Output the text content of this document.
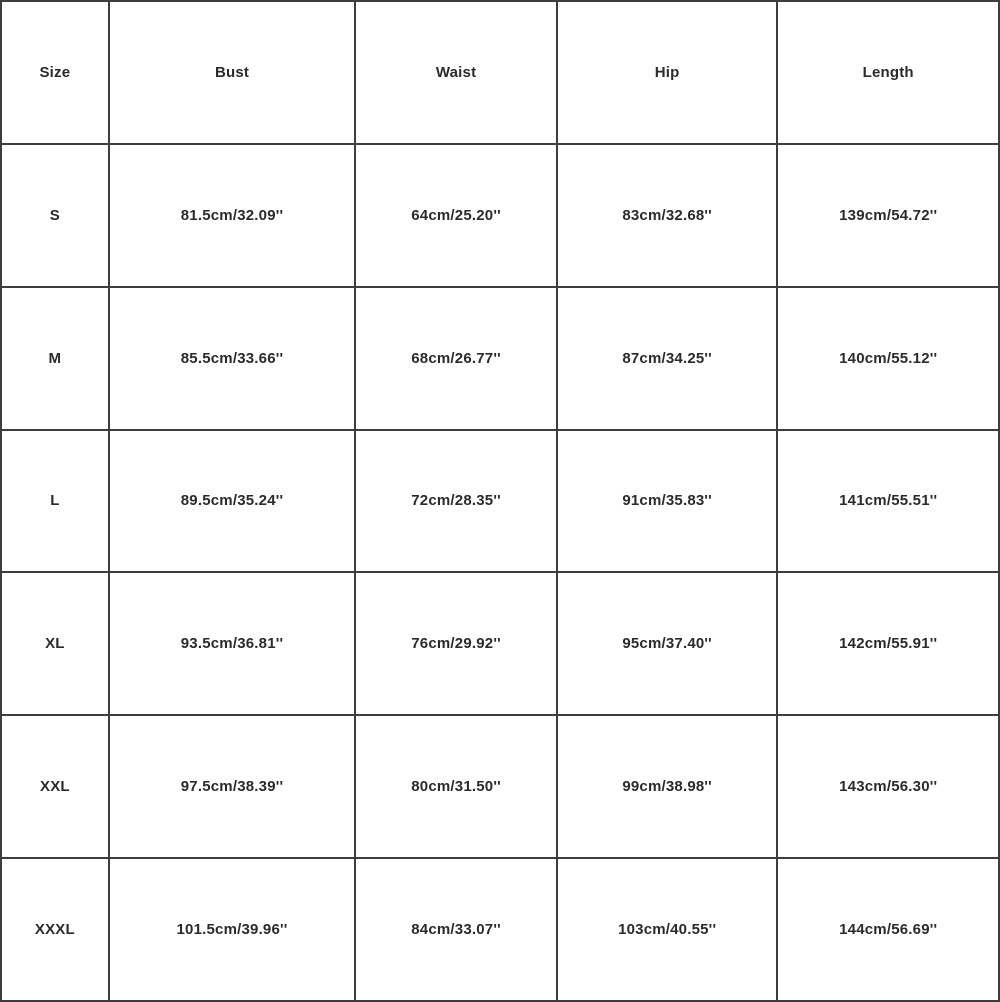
Size	Bust	Waist	Hip	Length
S	81.5cm/32.09''	64cm/25.20''	83cm/32.68''	139cm/54.72''
M	85.5cm/33.66''	68cm/26.77''	87cm/34.25''	140cm/55.12''
L	89.5cm/35.24''	72cm/28.35''	91cm/35.83''	141cm/55.51''
XL	93.5cm/36.81''	76cm/29.92''	95cm/37.40''	142cm/55.91''
XXL	97.5cm/38.39''	80cm/31.50''	99cm/38.98''	143cm/56.30''
XXXL	101.5cm/39.96''	84cm/33.07''	103cm/40.55''	144cm/56.69''
